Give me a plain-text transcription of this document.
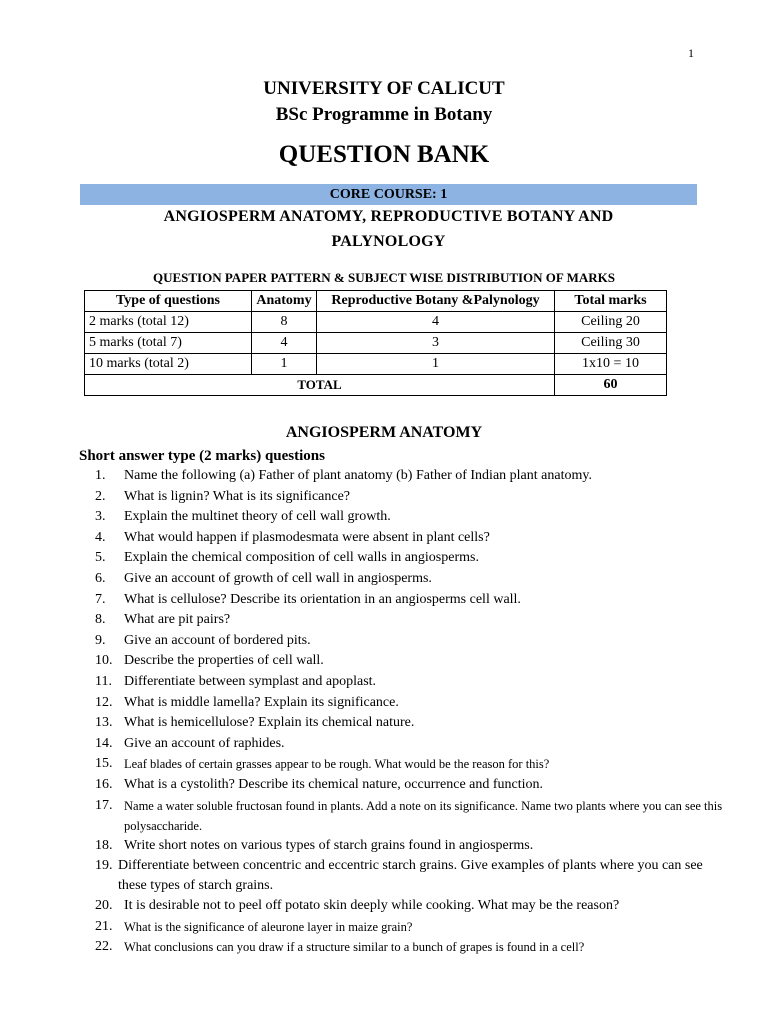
1
UNIVERSITY OF CALICUT
BSc Programme in Botany
QUESTION BANK
CORE COURSE: 1
ANGIOSPERM ANATOMY, REPRODUCTIVE BOTANY AND
PALYNOLOGY
QUESTION PAPER PATTERN & SUBJECT WISE DISTRIBUTION OF MARKS
Type of questions	Anatomy	Reproductive Botany &Palynology	Total marks
2 marks (total 12)	8	4	Ceiling 20
5 marks (total 7)	4	3	Ceiling 30
10 marks (total 2)	1	1	1x10 = 10
TOTAL			60
ANGIOSPERM ANATOMY
Short answer type (2 marks) questions
1.	Name the following (a) Father of plant anatomy (b) Father of Indian plant anatomy.
2.	What is lignin? What is its significance?
3.	Explain the multinet theory of cell wall growth.
4.	What would happen if plasmodesmata were absent in plant cells?
5.	Explain the chemical composition of cell walls in angiosperms.
6.	Give an account of growth of cell wall in angiosperms.
7.	What is cellulose? Describe its orientation in an angiosperms cell wall.
8.	What are pit pairs?
9.	Give an account of bordered pits.
10. Describe the properties of cell wall.
11. Differentiate between symplast and apoplast.
12. What is middle lamella? Explain its significance.
13. What is hemicellulose? Explain its chemical nature.
14. Give an account of raphides.
15. Leaf blades of certain grasses appear to be rough. What would be the reason for this?
16. What is a cystolith? Describe its chemical nature, occurrence and function.
17. Name a water soluble fructosan found in plants. Add a note on its significance. Name two plants where you can see this polysaccharide.
18. Write short notes on various types of starch grains found in angiosperms.
19. Differentiate between concentric and eccentric starch grains. Give examples of plants where you can see these types of starch grains.
20. It is desirable not to peel off potato skin deeply while cooking. What may be the reason?
21. What is the significance of aleurone layer in maize grain?
22. What conclusions can you draw if a structure similar to a bunch of grapes is found in a cell?
